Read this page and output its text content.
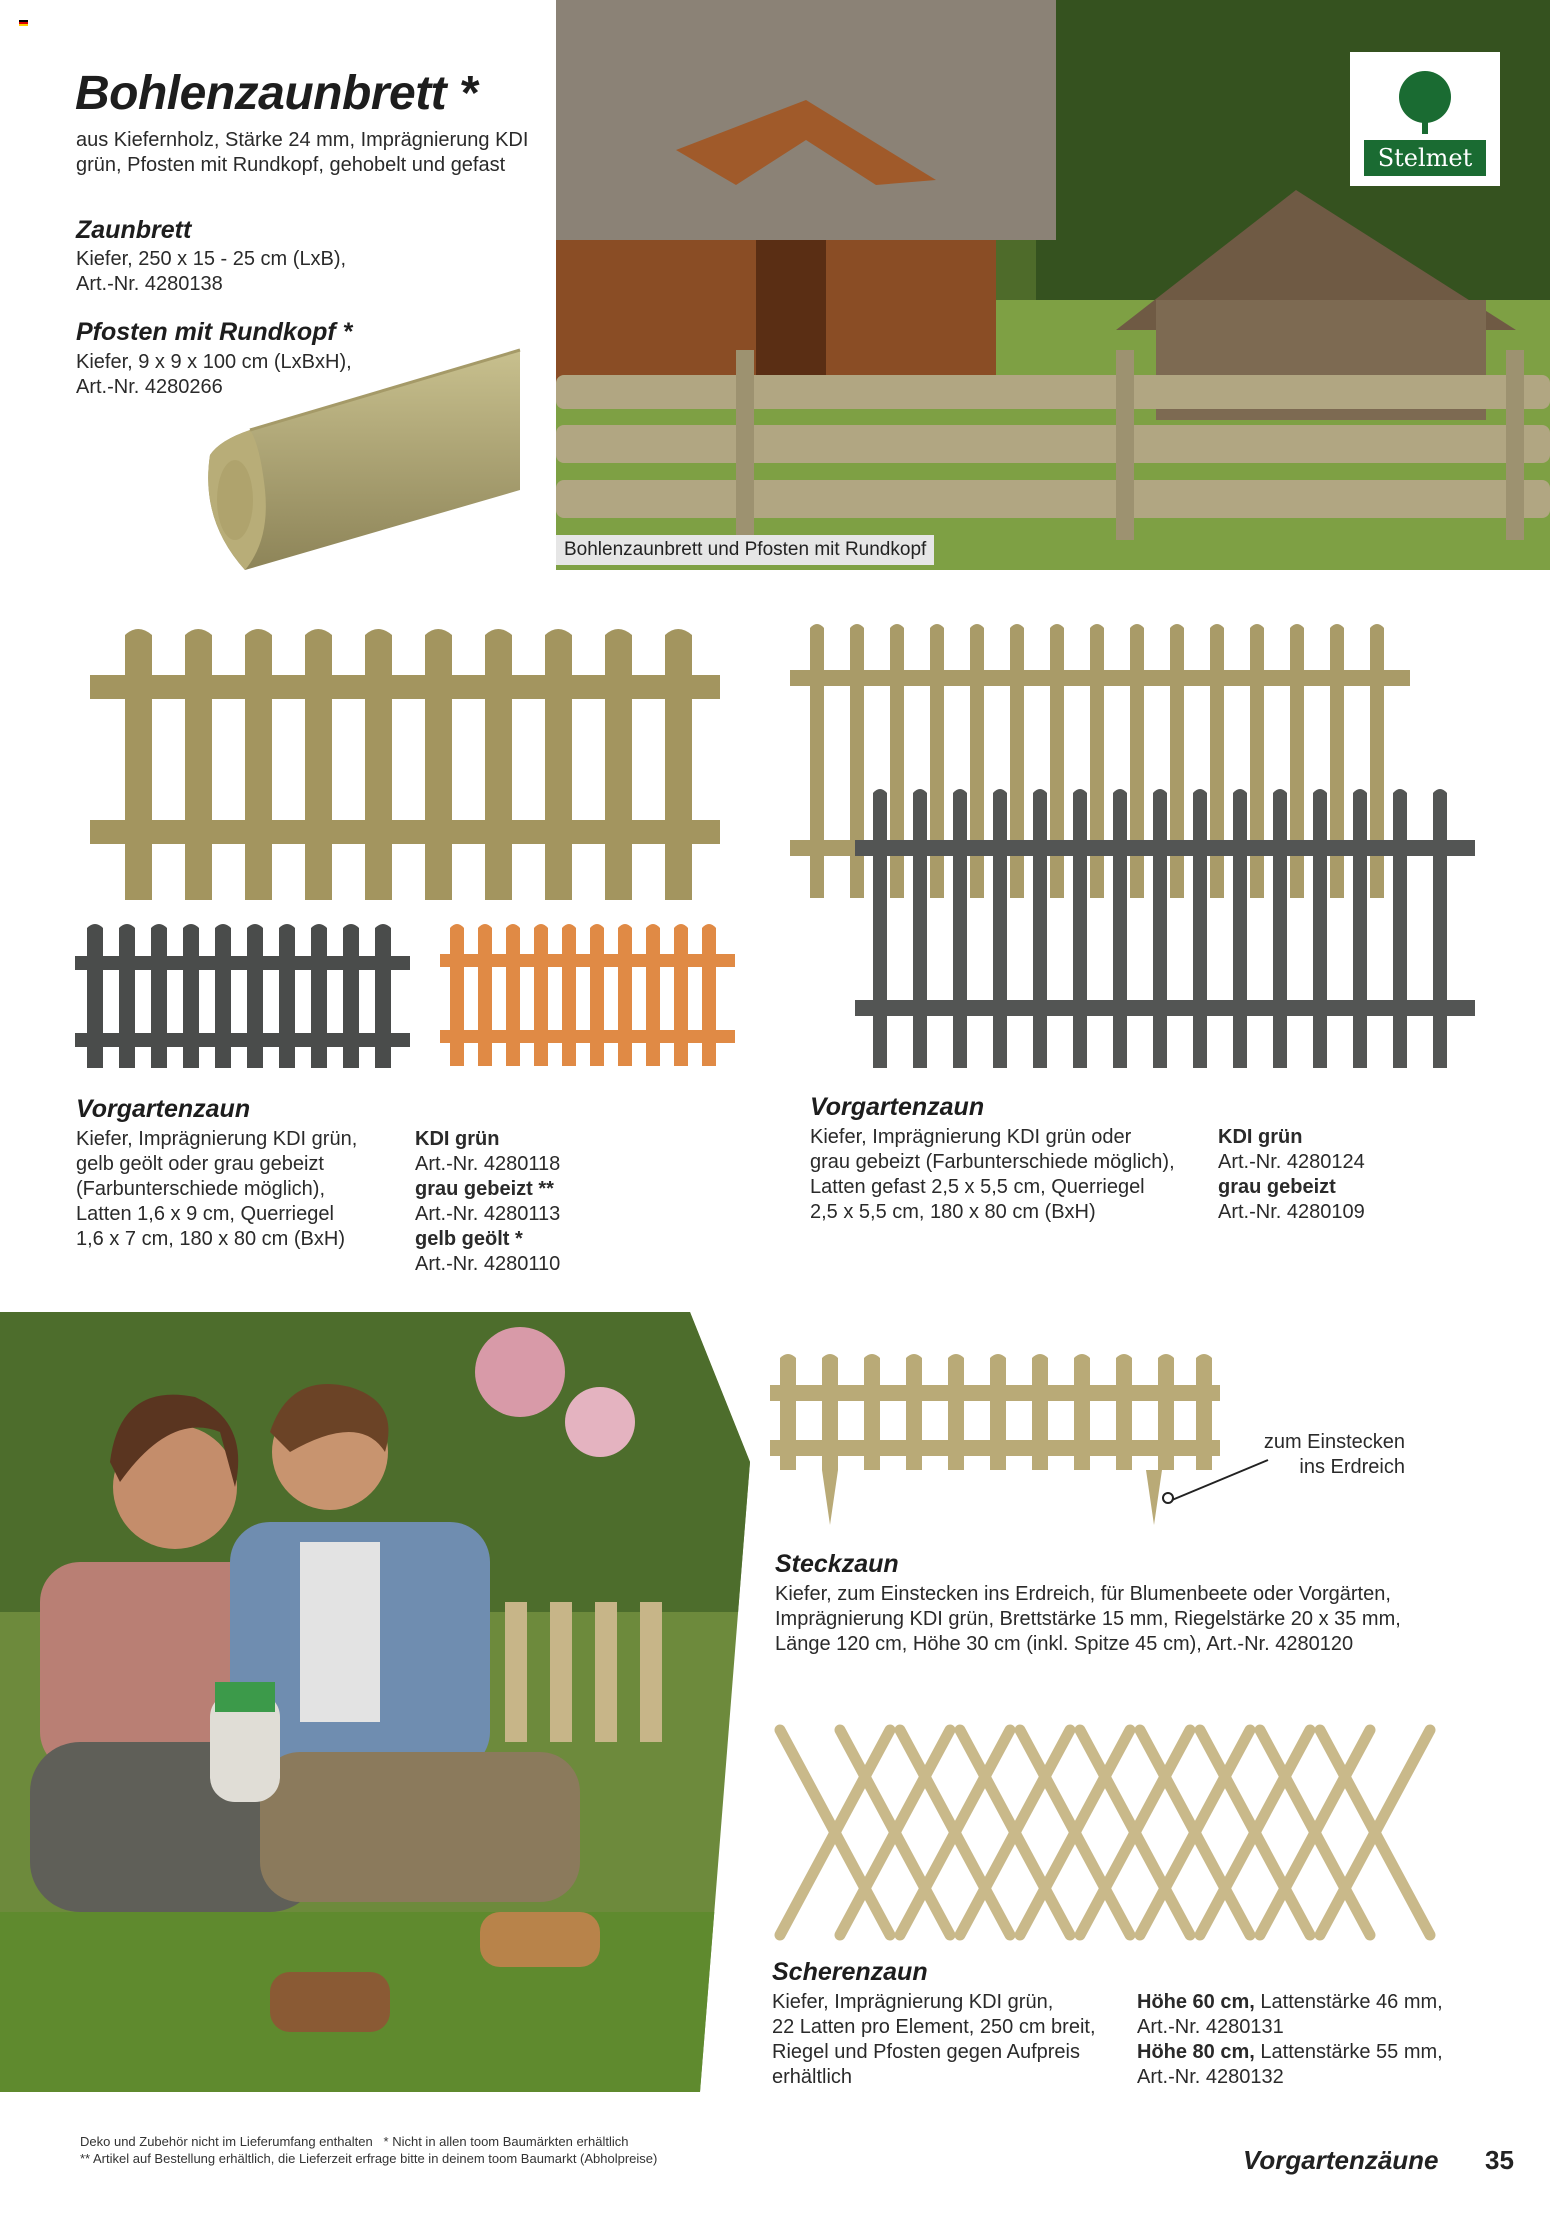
Bohlenzaunbrett *
aus Kiefernholz, Stärke 24 mm, Imprägnierung KDI
grün, Pfosten mit Rundkopf, gehobelt und gefast
Zaunbrett
Kiefer, 250 x 15 - 25 cm (LxB),
Art.-Nr. 4280138
Pfosten mit Rundkopf *
Kiefer, 9 x 9 x 100 cm (LxBxH),
Art.-Nr. 4280266
Stelmet
Bohlenzaunbrett und Pfosten mit Rundkopf
Vorgartenzaun
Kiefer, Imprägnierung KDI grün,
gelb geölt oder grau gebeizt
(Farbunterschiede möglich),
Latten 1,6 x 9 cm, Querriegel
1,6 x 7 cm, 180 x 80 cm (BxH)
KDI grün
Art.-Nr. 4280118
grau gebeizt **
Art.-Nr. 4280113
gelb geölt *
Art.-Nr. 4280110
Vorgartenzaun
Kiefer, Imprägnierung KDI grün oder
grau gebeizt (Farbunterschiede möglich),
Latten gefast 2,5 x 5,5 cm, Querriegel
2,5 x 5,5 cm, 180 x 80 cm (BxH)
KDI grün
Art.-Nr. 4280124
grau gebeizt
Art.-Nr. 4280109
zum Einstecken
ins Erdreich
Steckzaun
Kiefer, zum Einstecken ins Erdreich, für Blumenbeete oder Vorgärten,
Imprägnierung KDI grün, Brettstärke 15 mm, Riegelstärke 20 x 35 mm,
Länge 120 cm, Höhe 30 cm (inkl. Spitze 45 cm), Art.-Nr. 4280120
Scherenzaun
Kiefer, Imprägnierung KDI grün,
22 Latten pro Element, 250 cm breit,
Riegel und Pfosten gegen Aufpreis
erhältlich
Höhe 60 cm, Lattenstärke 46 mm,
Art.-Nr. 4280131
Höhe 80 cm, Lattenstärke 55 mm,
Art.-Nr. 4280132
Deko und Zubehör nicht im Lieferumfang enthalten * Nicht in allen toom Baumärkten erhältlich
** Artikel auf Bestellung erhältlich, die Lieferzeit erfrage bitte in deinem toom Baumarkt (Abholpreise)	Vorgartenzäune 35
